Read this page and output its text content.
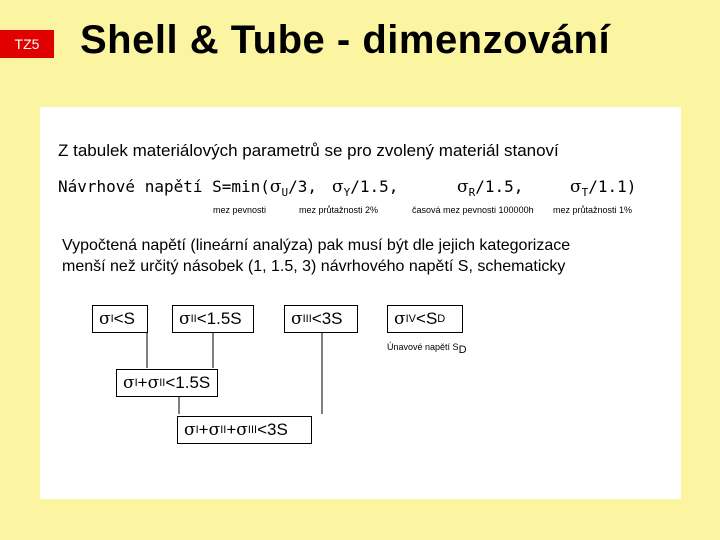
TZ5	Shell & Tube - dimenzování
Z tabulek materiálových parametrů se pro zvolený materiál stanoví
Návrhové napětí $S=\min(\sigma_U/3$, $\sigma_Y/1.5$,	$\sigma_R/1.5$,	$\sigma_T/1.1$)
mez pevnosti	mez průtažnosti 2%	časová mez pevnosti 100000h mez průtažnosti 1%
Vypočtená napětí (lineární analýza) pak musí být dle jejich kategorizace
menší než určitý násobek (1, 1.5, 3) návrhového napětí S, schematicky
σ I <S	σ II <1.5S	σ III <3S	σ IV <S D
Únavové napětí $S_D$
σ I + σ II <1.5S
σ I + σ II + σ III <3S
